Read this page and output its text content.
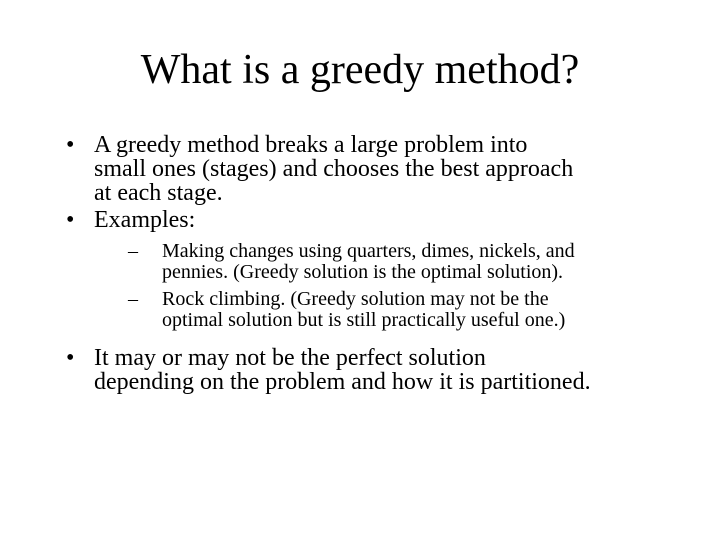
What is a greedy method?
• A greedy method breaks a large problem into
small ones (stages) and chooses the best approach
at each stage.
• Examples:
– Making changes using quarters, dimes, nickels, and
pennies. (Greedy solution is the optimal solution).
– Rock climbing. (Greedy solution may not be the
optimal solution but is still practically useful one.)
• It may or may not be the perfect solution
depending on the problem and how it is partitioned.
